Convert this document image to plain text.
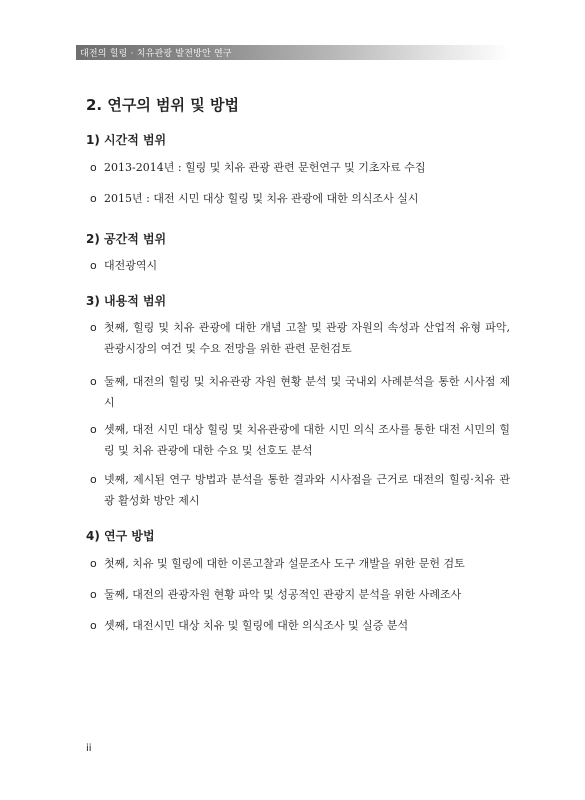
대전의 힐링 · 치유관광 발전방안 연구
2. 연구의 범위 및 방법
1) 시간적 범위
o 2013-2014년 : 힐링 및 치유 관광 관련 문헌연구 및 기초자료 수집
o 2015년 : 대전 시민 대상 힐링 및 치유 관광에 대한 의식조사 실시
2) 공간적 범위
o 대전광역시
3) 내용적 범위
o 첫째, 힐링 및 치유 관광에 대한 개념 고찰 및 관광 자원의 속성과 산업적 유형 파악, 관광시장의 여건 및 수요 전망을 위한 관련 문헌검토
o 둘째, 대전의 힐링 및 치유관광 자원 현황 분석 및 국내외 사례분석을 통한 시사점 제시
o 셋째, 대전 시민 대상 힐링 및 치유관광에 대한 시민 의식 조사를 통한 대전 시민의 힐링 및 치유 관광에 대한 수요 및 선호도 분석
o 넷째, 제시된 연구 방법과 분석을 통한 결과와 시사점을 근거로 대전의 힐링·치유 관광 활성화 방안 제시
4) 연구 방법
o 첫째, 치유 및 힐링에 대한 이론고찰과 설문조사 도구 개발을 위한 문헌 검토
o 둘째, 대전의 관광자원 현황 파악 및 성공적인 관광지 분석을 위한 사례조사
o 셋째, 대전시민 대상 치유 및 힐링에 대한 의식조사 및 실증 분석
ii
